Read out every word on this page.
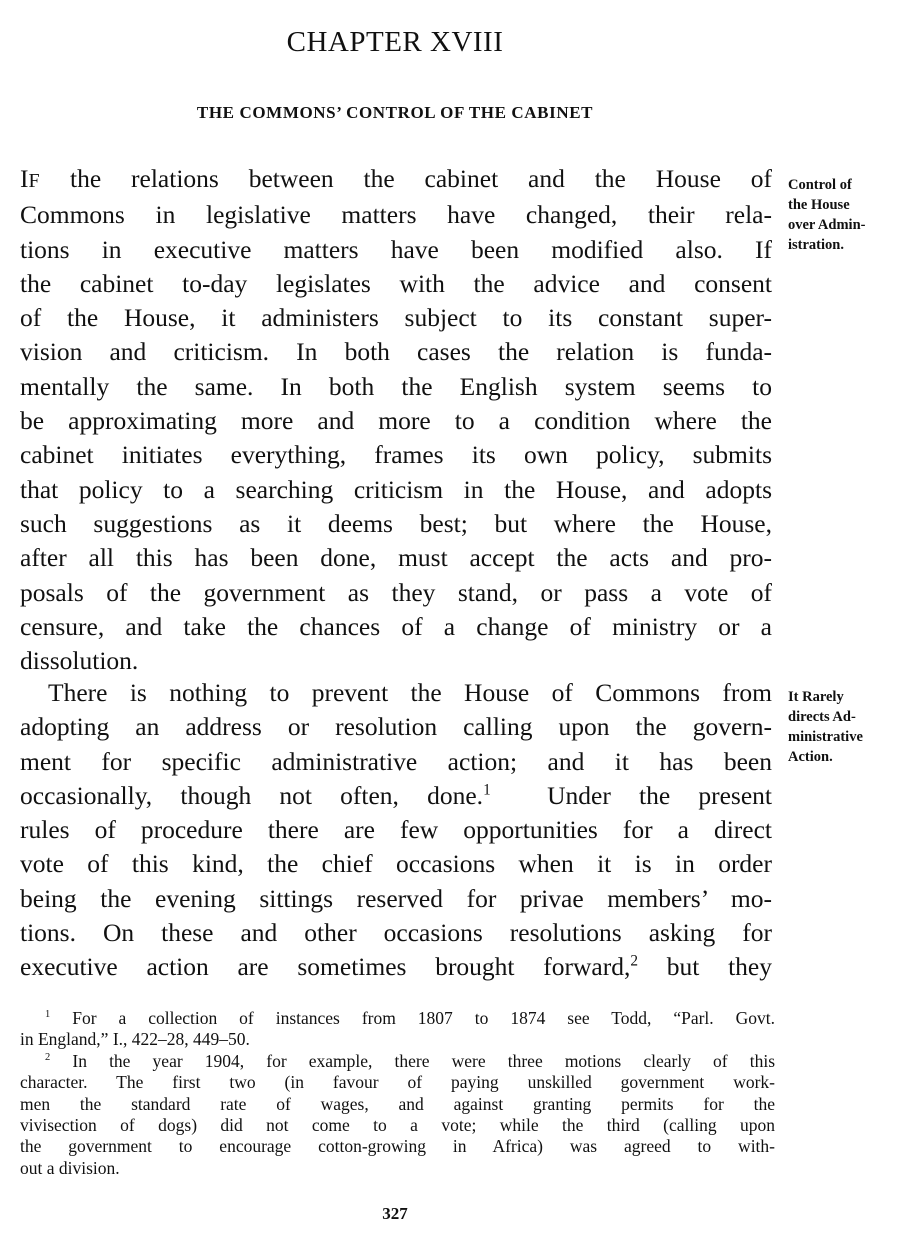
CHAPTER XVIII
THE COMMONS’ CONTROL OF THE CABINET
IF the relations between the cabinet and the House of
Commons in legislative matters have changed, their rela-
tions in executive matters have been modified also. If
the cabinet to-day legislates with the advice and consent
of the House, it administers subject to its constant super-
vision and criticism. In both cases the relation is funda-
mentally the same. In both the English system seems to
be approximating more and more to a condition where the
cabinet initiates everything, frames its own policy, submits
that policy to a searching criticism in the House, and adopts
such suggestions as it deems best; but where the House,
after all this has been done, must accept the acts and pro-
posals of the government as they stand, or pass a vote of
censure, and take the chances of a change of ministry or a
dissolution.
There is nothing to prevent the House of Commons from
adopting an address or resolution calling upon the govern-
ment for specific administrative action; and it has been
occasionally, though not often, done.$^1$ Under the present
rules of procedure there are few opportunities for a direct
vote of this kind, the chief occasions when it is in order
being the evening sittings reserved for privae members’ mo-
tions. On these and other occasions resolutions asking for
executive action are sometimes brought forward,$^2$ but they
Control of
the House
over Admin-
istration.
It Rarely
directs Ad-
ministrative
Action.
$^1$ For a collection of instances from 1807 to 1874 see Todd, “Parl. Govt.
in England,” I., 422–28, 449–50.
$^2$ In the year 1904, for example, there were three motions clearly of this
character. The first two (in favour of paying unskilled government work-
men the standard rate of wages, and against granting permits for the
vivisection of dogs) did not come to a vote; while the third (calling upon
the government to encourage cotton-growing in Africa) was agreed to with-
out a division.
327
